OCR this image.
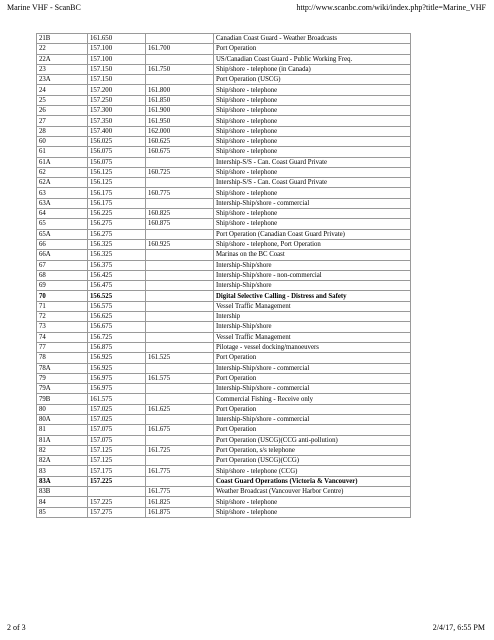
Marine VHF - ScanBC	http://www.scanbc.com/wiki/index.php?title=Marine_VHF
21B	161.650		Canadian Coast Guard - Weather Broadcasts
22	157.100	161.700	Port Operation
22A	157.100		US/Canadian Coast Guard - Public Working Freq.
23	157.150	161.750	Ship/shore - telephone (in Canada)
23A	157.150		Port Operation (USCG)
24	157.200	161.800	Ship/shore - telephone
25	157.250	161.850	Ship/shore - telephone
26	157.300	161.900	Ship/shore - telephone
27	157.350	161.950	Ship/shore - telephone
28	157.400	162.000	Ship/shore - telephone
60	156.025	160.625	Ship/shore - telephone
61	156.075	160.675	Ship/shore - telephone
61A	156.075		Intership-S/S - Can. Coast Guard Private
62	156.125	160.725	Ship/shore - telephone
62A	156.125		Intership-S/S - Can. Coast Guard Private
63	156.175	160.775	Ship/shore - telephone
63A	156.175		Intership-Ship/shore - commercial
64	156.225	160.825	Ship/shore - telephone
65	156.275	160.875	Ship/shore - telephone
65A	156.275		Port Operation (Canadian Coast Guard Private)
66	156.325	160.925	Ship/shore - telephone, Port Operation
66A	156.325		Marinas on the BC Coast
67	156.375		Intership-Ship/shore
68	156.425		Intership-Ship/shore - non-commercial
69	156.475		Intership-Ship/shore
70	156.525		Digital Selective Calling - Distress and Safety
71	156.575		Vessel Traffic Management
72	156.625		Intership
73	156.675		Intership-Ship/shore
74	156.725		Vessel Traffic Management
77	156.875		Pilotage - vessel docking/manoeuvers
78	156.925	161.525	Port Operation
78A	156.925		Intership-Ship/shore - commercial
79	156.975	161.575	Port Operation
79A	156.975		Intership-Ship/shore - commercial
79B	161.575		Commercial Fishing - Receive only
80	157.025	161.625	Port Operation
80A	157.025		Intership-Ship/shore - commercial
81	157.075	161.675	Port Operation
81A	157.075		Port Operation (USCG)(CCG anti-pollution)
82	157.125	161.725	Port Operation, s/s telephone
82A	157.125		Port Operation (USCG)(CCG)
83	157.175	161.775	Ship/shore - telephone (CCG)
83A	157.225		Coast Guard Operations (Victoria & Vancouver)
83B		161.775	Weather Broadcast (Vancouver Harbor Centre)
84	157.225	161.825	Ship/shore - telephone
85	157.275	161.875	Ship/shore - telephone
2 of 3	2/4/17, 6:55 PM
